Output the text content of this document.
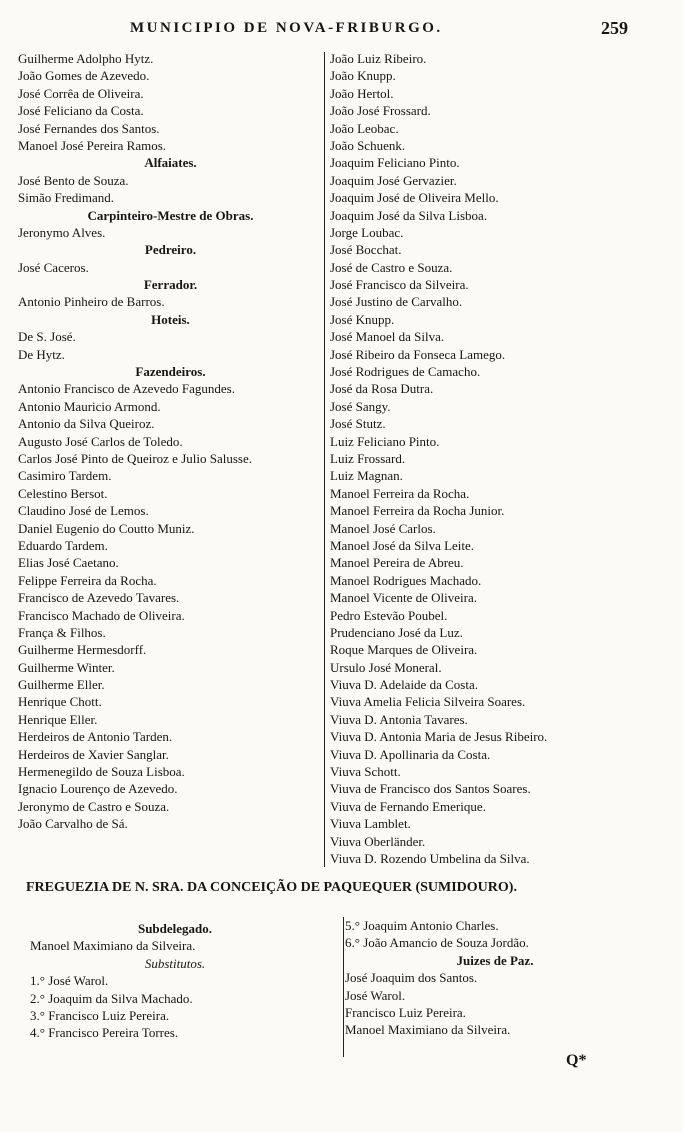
MUNICIPIO DE NOVA-FRIBURGO.	259
Guilherme Adolpho Hytz.
João Gomes de Azevedo.
José Corrêa de Oliveira.
José Feliciano da Costa.
José Fernandes dos Santos.
Manoel José Pereira Ramos.
Alfaiates.
José Bento de Souza.
Simão Fredimand.
Carpinteiro-Mestre de Obras.
Jeronymo Alves.
Pedreiro.
José Caceros.
Ferrador.
Antonio Pinheiro de Barros.
Hoteis.
De S. José.
De Hytz.
Fazendeiros.
Antonio Francisco de Azevedo Fagundes.
Antonio Mauricio Armond.
Antonio da Silva Queiroz.
Augusto José Carlos de Toledo.
Carlos José Pinto de Queiroz e Julio Salusse.
Casimiro Tardem.
Celestino Bersot.
Claudino José de Lemos.
Daniel Eugenio do Coutto Muniz.
Eduardo Tardem.
Elias José Caetano.
Felippe Ferreira da Rocha.
Francisco de Azevedo Tavares.
Francisco Machado de Oliveira.
França & Filhos.
Guilherme Hermesdorff.
Guilherme Winter.
Guilherme Eller.
Henrique Chott.
Henrique Eller.
Herdeiros de Antonio Tarden.
Herdeiros de Xavier Sanglar.
Hermenegildo de Souza Lisboa.
Ignacio Lourenço de Azevedo.
Jeronymo de Castro e Souza.
João Carvalho de Sá.
João Luiz Ribeiro.
João Knupp.
João Hertol.
João José Frossard.
João Leobac.
João Schuenk.
Joaquim Feliciano Pinto.
Joaquim José Gervazier.
Joaquim José de Oliveira Mello.
Joaquim José da Silva Lisboa.
Jorge Loubac.
José Bocchat.
José de Castro e Souza.
José Francisco da Silveira.
José Justino de Carvalho.
José Knupp.
José Manoel da Silva.
José Ribeiro da Fonseca Lamego.
José Rodrigues de Camacho.
José da Rosa Dutra.
José Sangy.
José Stutz.
Luiz Feliciano Pinto.
Luiz Frossard.
Luiz Magnan.
Manoel Ferreira da Rocha.
Manoel Ferreira da Rocha Junior.
Manoel José Carlos.
Manoel José da Silva Leite.
Manoel Pereira de Abreu.
Manoel Rodrigues Machado.
Manoel Vicente de Oliveira.
Pedro Estevão Poubel.
Prudenciano José da Luz.
Roque Marques de Oliveira.
Ursulo José Moneral.
Viuva D. Adelaide da Costa.
Viuva Amelia Felicia Silveira Soares.
Viuva D. Antonia Tavares.
Viuva D. Antonia Maria de Jesus Ribeiro.
Viuva D. Apollinaria da Costa.
Viuva Schott.
Viuva de Francisco dos Santos Soares.
Viuva de Fernando Emerique.
Viuva Lamblet.
Viuva Oberländer.
Viuva D. Rozendo Umbelina da Silva.
FREGUEZIA DE N. SRA. DA CONCEIÇÃO DE PAQUEQUER (SUMIDOURO).
Subdelegado.
Manoel Maximiano da Silveira.
Substitutos.
1.° José Warol.
2.° Joaquim da Silva Machado.
3.° Francisco Luiz Pereira.
4.° Francisco Pereira Torres.
5.° Joaquim Antonio Charles.
6.° João Amancio de Souza Jordão.
Juizes de Paz.
José Joaquim dos Santos.
José Warol.
Francisco Luiz Pereira.
Manoel Maximiano da Silveira.
Q*
